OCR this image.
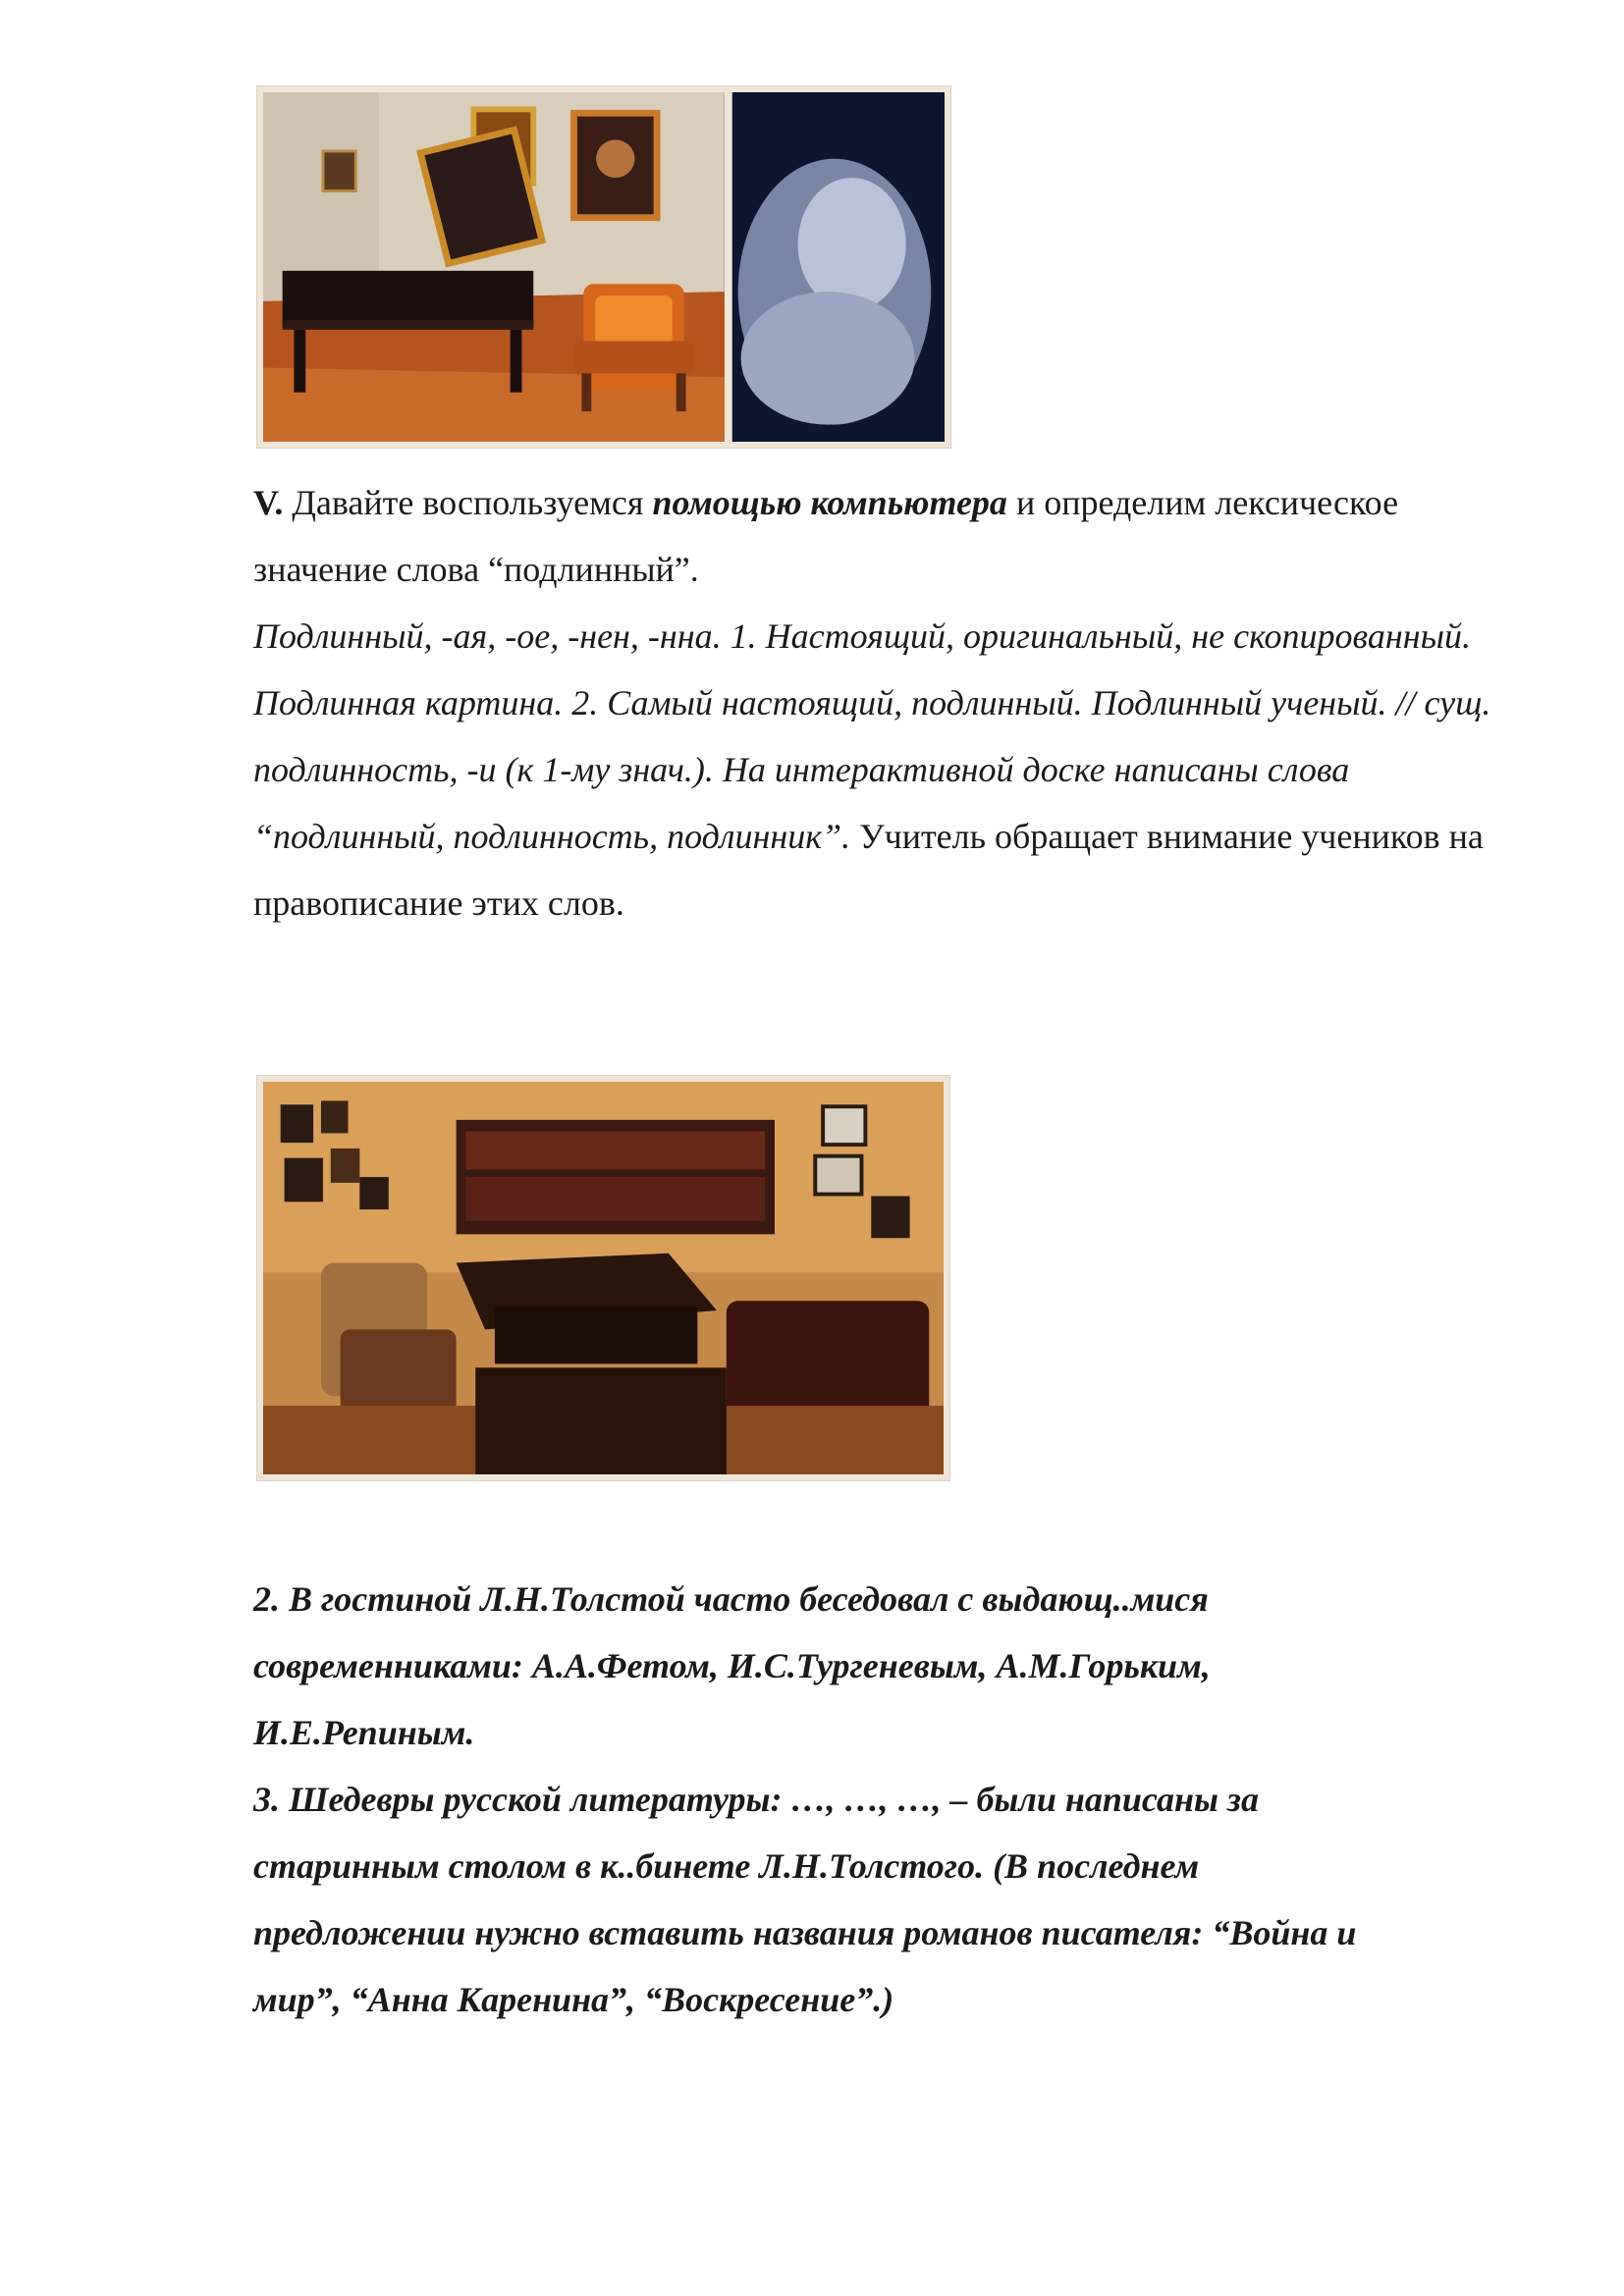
V. Давайте воспользуемся помощью компьютера и определим лексическое значение слова “подлинный”.

Подлинный, -ая, -ое, -нен, -нна. 1. Настоящий, оригинальный, не скопированный. Подлинная картина. 2. Самый настоящий, подлинный. Подлинный ученый. // сущ. подлинность, -и (к 1-му знач.). На интерактивной доске написаны слова “подлинный, подлинность, подлинник”. Учитель обращает внимание учеников на правописание этих слов.

2. В гостиной Л.Н.Толстой часто беседовал с выдающ..мися

современниками: А.А.Фетом, И.С.Тургеневым, А.М.Горьким,

И.Е.Репиным.

3. Шедевры русской литературы: …, …, …, – были написаны за

старинным столом в к..бинете Л.Н.Толстого. (В последнем

предложении нужно вставить названия романов писателя: “Война и

мир”, “Анна Каренина”, “Воскресение”.)
